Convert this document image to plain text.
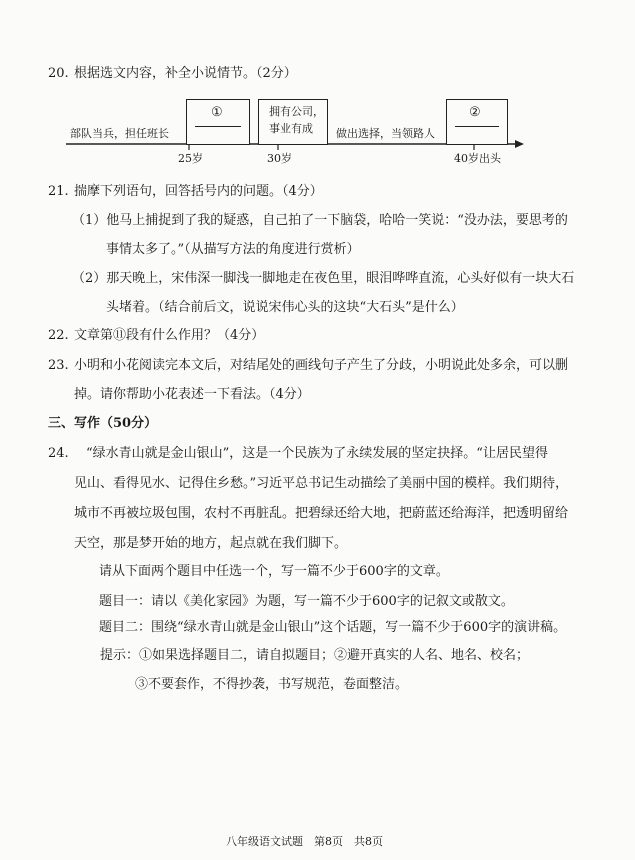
20. 根据选文内容，补全小说情节。（2分）
部队当兵，担任班长
①	拥有公司，
事业有成 做出选择，当领路人
②
25岁	30岁	40岁出头
21. 揣摩下列语句，回答括号内的问题。（4分）
（1）他马上捕捉到了我的疑惑，自己拍了一下脑袋，哈哈一笑说：“没办法，要思考的
事情太多了。”（从描写方法的角度进行赏析）
（2）那天晚上，宋伟深一脚浅一脚地走在夜色里，眼泪哗哗直流，心头好似有一块大石
头堵着。（结合前后文，说说宋伟心头的这块“大石头”是什么）
22. 文章第⑪段有什么作用？（4分）
23. 小明和小花阅读完本文后，对结尾处的画线句子产生了分歧，小明说此处多余，可以删
掉。请你帮助小花表述一下看法。（4分）
三、写作（50分）
24. “绿水青山就是金山银山”，这是一个民族为了永续发展的坚定抉择。“让居民望得
见山、看得见水、记得住乡愁。”习近平总书记生动描绘了美丽中国的模样。我们期待，
城市不再被垃圾包围，农村不再脏乱。把碧绿还给大地，把蔚蓝还给海洋，把透明留给
天空，那是梦开始的地方，起点就在我们脚下。
请从下面两个题目中任选一个，写一篇不少于600字的文章。
题目一：请以《美化家园》为题，写一篇不少于600字的记叙文或散文。
题目二：围绕“绿水青山就是金山银山”这个话题，写一篇不少于600字的演讲稿。
提示：①如果选择题目二，请自拟题目；②避开真实的人名、地名、校名；
③不要套作，不得抄袭，书写规范，卷面整洁。
八年级语文试题　第8页　共8页
